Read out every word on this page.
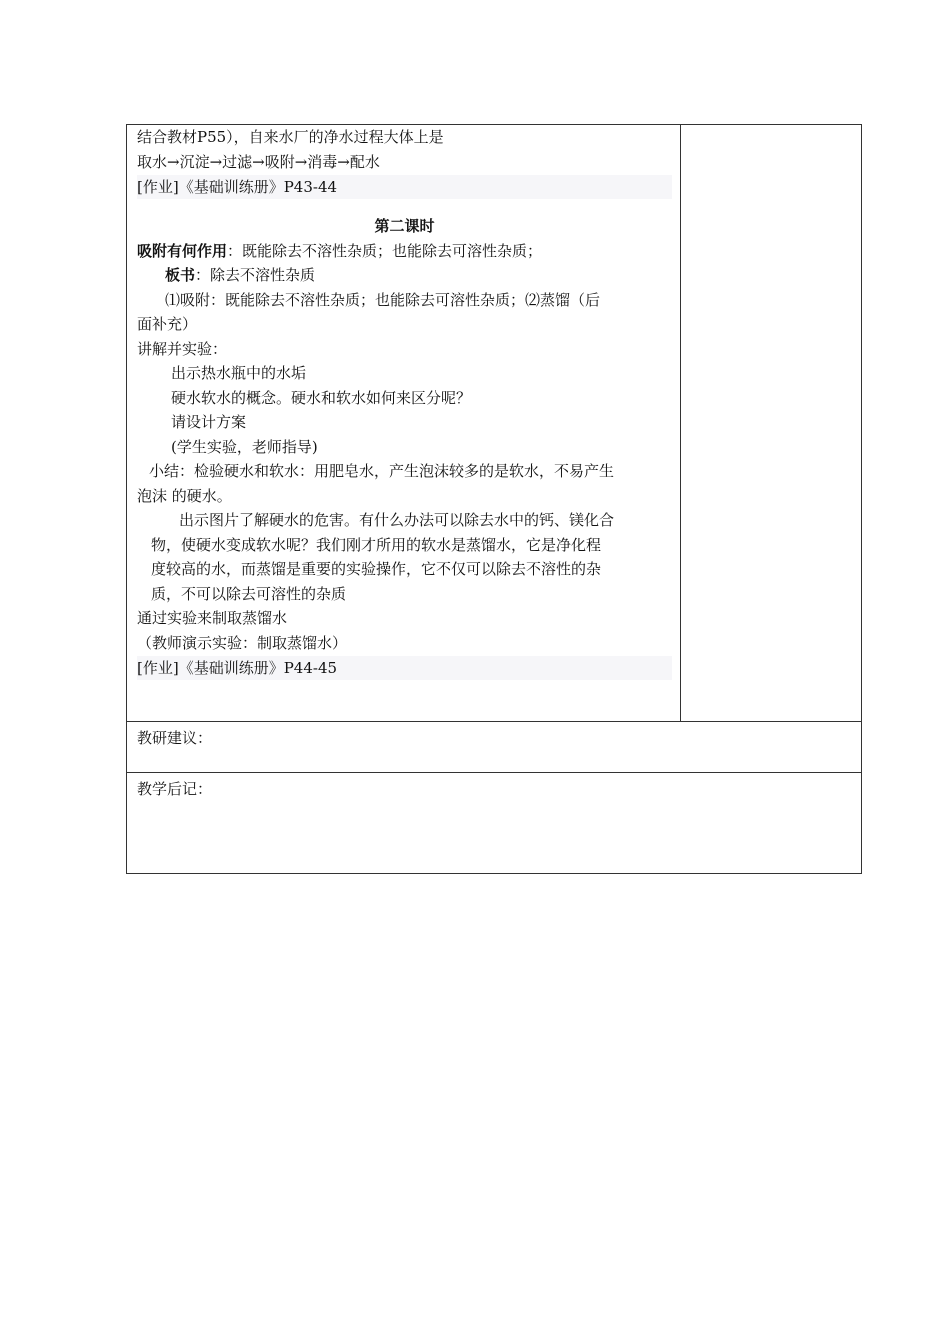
结合教材P55），自来水厂的净水过程大体上是

取水→沉淀→过滤→吸附→消毒→配水

[作业]《基础训练册》P43-44

第二课时

吸附有何作用：既能除去不溶性杂质；也能除去可溶性杂质；

板书：除去不溶性杂质

⑴吸附：既能除去不溶性杂质；也能除去可溶性杂质；⑵蒸馏（后

面补充）

讲解并实验：

出示热水瓶中的水垢

硬水软水的概念。硬水和软水如何来区分呢？

请设计方案

(学生实验，老师指导)

小结：检验硬水和软水：用肥皂水，产生泡沫较多的是软水，不易产生

泡沫 的硬水。

出示图片了解硬水的危害。有什么办法可以除去水中的钙、镁化合

物，使硬水变成软水呢？我们刚才所用的软水是蒸馏水，它是净化程

度较高的水，而蒸馏是重要的实验操作，它不仅可以除去不溶性的杂

质，不可以除去可溶性的杂质

通过实验来制取蒸馏水

（教师演示实验：制取蒸馏水）

[作业]《基础训练册》P44-45

教研建议：

教学后记：
